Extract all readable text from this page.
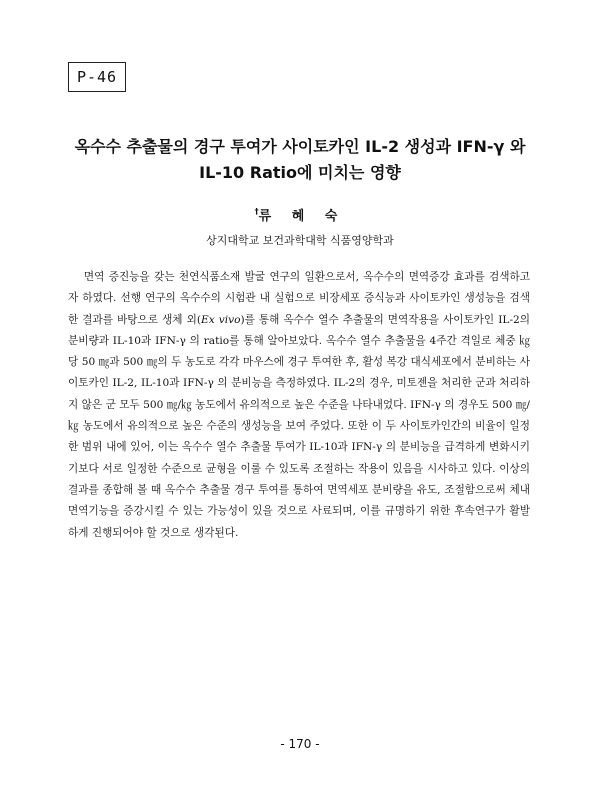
P-46
옥수수 추출물의 경구 투여가 사이토카인 IL-2 생성과 IFN-γ 와
IL-10 Ratio에 미치는 영향
†류 혜 숙
상지대학교 보건과학대학 식품영양학과

  면역 증진능을 갖는 천연식품소재 발굴 연구의 일환으로서, 옥수수의 면역증강 효과를 검색하고자 하였다. 선행 연구의 옥수수의 시험관 내 실험으로 비장세포 증식능과 사이토카인 생성능을 검색한 결과를 바탕으로 생체 외(Ex vivo)를 통해 옥수수 열수 추출물의 면역작용을 사이토카인 IL-2의 분비량과 IL-10과 IFN-γ 의 ratio를 통해 알아보았다. 옥수수 열수 추출물을 4주간 격일로 체중 ㎏당 50 ㎎과 500 ㎎의 두 농도로 각각 마우스에 경구 투여한 후, 활성 복강 대식세포에서 분비하는 사이토카인 IL-2, IL-10과 IFN-γ 의 분비능을 측정하였다. IL-2의 경우, 미토젠을 처리한 군과 처리하지 않은 군 모두 500 ㎎/㎏ 농도에서 유의적으로 높은 수준을 나타내었다. IFN-γ 의 경우도 500 ㎎/㎏ 농도에서 유의적으로 높은 수준의 생성능을 보여 주었다. 또한 이 두 사이토카인간의 비율이 일정한 범위 내에 있어, 이는 옥수수 열수 추출물 투여가 IL-10과 IFN-γ 의 분비능을 급격하게 변화시키기보다 서로 일정한 수준으로 균형을 이룰 수 있도록 조절하는 작용이 있음을 시사하고 있다. 이상의 결과를 종합해 볼 때 옥수수 추출물 경구 투여를 통하여 면역세포 분비량을 유도, 조절함으로써 체내 면역기능을 증강시킬 수 있는 가능성이 있을 것으로 사료되며, 이를 규명하기 위한 후속연구가 활발하게 진행되어야 할 것으로 생각된다.

- 170 -
